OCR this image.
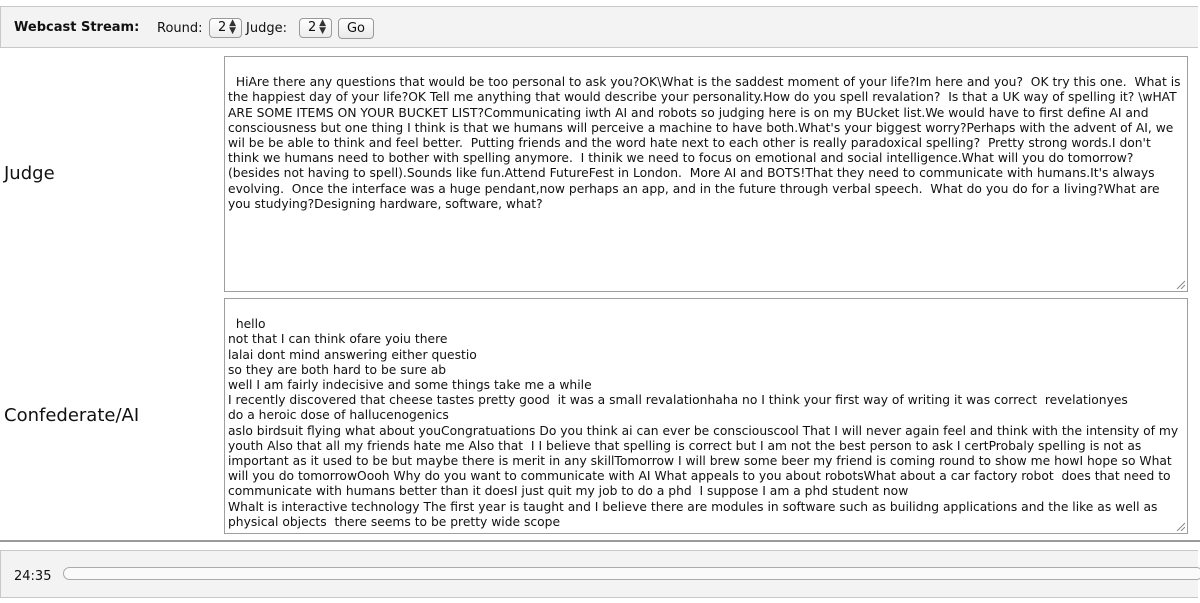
Webcast Stream: Round: 2 ▲
▼ Judge: 2 ▲
▼	Go
Judge

HiAre there any questions that would be too personal to ask you?OK\What is the saddest moment of your life?Im here and you?  OK try this one.  What is the happiest day of your life?OK Tell me anything that would describe your personality.How do you spell revalation?  Is that a UK way of spelling it? \wHAT ARE SOME ITEMS ON YOUR BUCKET LIST?Communicating iwth AI and robots so judging here is on my BUcket list.We would have to first define AI and consciousness but one thing I think is that we humans will perceive a machine to have both.What's your biggest worry?Perhaps with the advent of AI, we wil be be able to think and feel better.  Putting friends and the word hate next to each other is really paradoxical spelling?  Pretty strong words.I don't think we humans need to bother with spelling anymore.  I thinik we need to focus on emotional and social intelligence.What will you do tomorrow? (besides not having to spell).Sounds like fun.Attend FutureFest in London.  More AI and BOTS!That they need to communicate with humans.It's always evolving.  Once the interface was a huge pendant,now perhaps an app, and in the future through verbal speech.  What do you do for a living?What are you studying?Designing hardware, software, what?

Confederate/AI

hello
not that I can think ofare yoiu there
lalai dont mind answering either questio
so they are both hard to be sure ab
well I am fairly indecisive and some things take me a while
I recently discovered that cheese tastes pretty good  it was a small revalationhaha no I think your first way of writing it was correct  revelationyes
do a heroic dose of hallucenogenics
aslo birdsuit flying what about youCongratuations Do you think ai can ever be consciouscool That I will never again feel and think with the intensity of my youth Also that all my friends hate me Also that  I I believe that spelling is correct but I am not the best person to ask I certProbaly spelling is not as important as it used to be but maybe there is merit in any skillTomorrow I will brew some beer my friend is coming round to show me howI hope so What will you do tomorrowOooh Why do you want to communicate with AI What appeals to you about robotsWhat about a car factory robot  does that need to communicate with humans better than it doesI just quit my job to do a phd  I suppose I am a phd student now
Whalt is interactive technology The first year is taught and I believe there are modules in software such as builidng applications and the like as well as physical objects  there seems to be pretty wide scope

24:35
